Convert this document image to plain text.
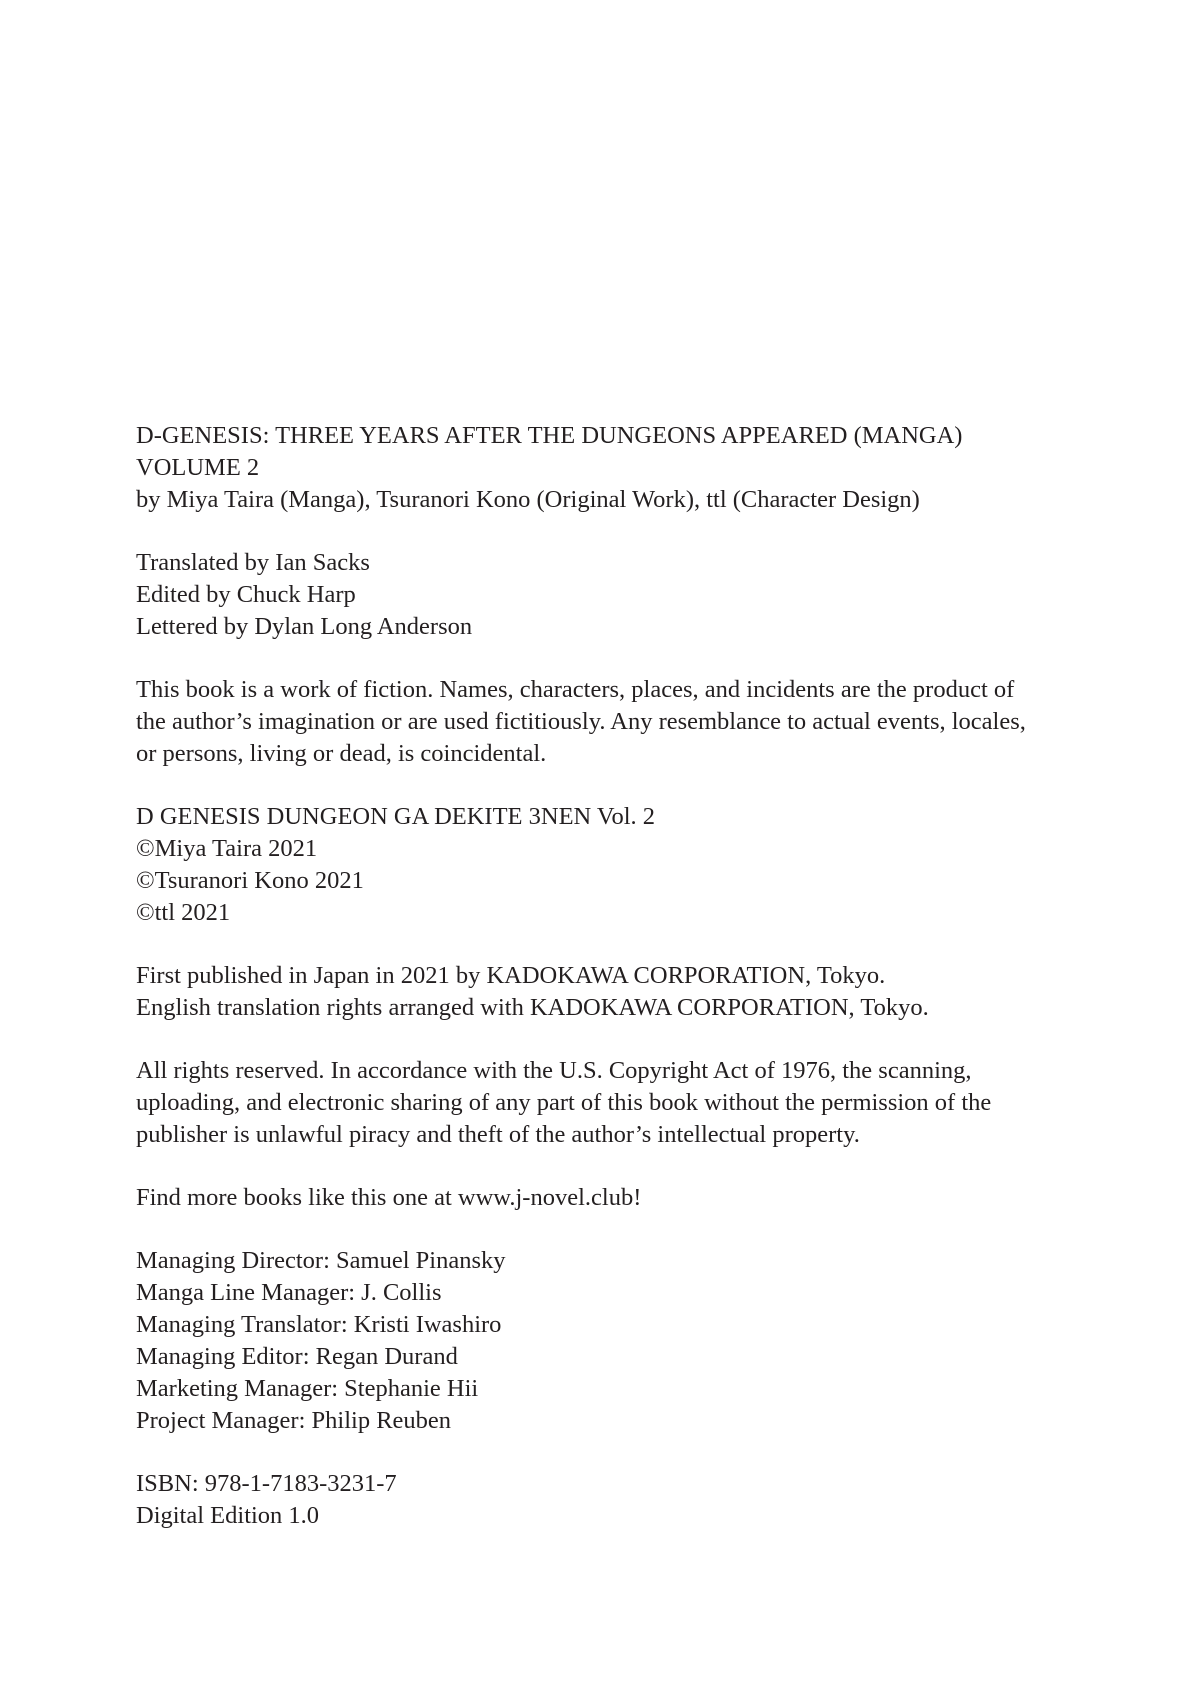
D-GENESIS: THREE YEARS AFTER THE DUNGEONS APPEARED (MANGA)
VOLUME 2
by Miya Taira (Manga), Tsuranori Kono (Original Work), ttl (Character Design)
Translated by Ian Sacks
Edited by Chuck Harp
Lettered by Dylan Long Anderson
This book is a work of fiction. Names, characters, places, and incidents are the product of
the author’s imagination or are used fictitiously. Any resemblance to actual events, locales,
or persons, living or dead, is coincidental.
D GENESIS DUNGEON GA DEKITE 3NEN Vol. 2
©Miya Taira 2021
©Tsuranori Kono 2021
©ttl 2021
First published in Japan in 2021 by KADOKAWA CORPORATION, Tokyo.
English translation rights arranged with KADOKAWA CORPORATION, Tokyo.
All rights reserved. In accordance with the U.S. Copyright Act of 1976, the scanning,
uploading, and electronic sharing of any part of this book without the permission of the
publisher is unlawful piracy and theft of the author’s intellectual property.
Find more books like this one at www.j-novel.club!
Managing Director: Samuel Pinansky
Manga Line Manager: J. Collis
Managing Translator: Kristi Iwashiro
Managing Editor: Regan Durand
Marketing Manager: Stephanie Hii
Project Manager: Philip Reuben
ISBN: 978-1-7183-3231-7
Digital Edition 1.0
